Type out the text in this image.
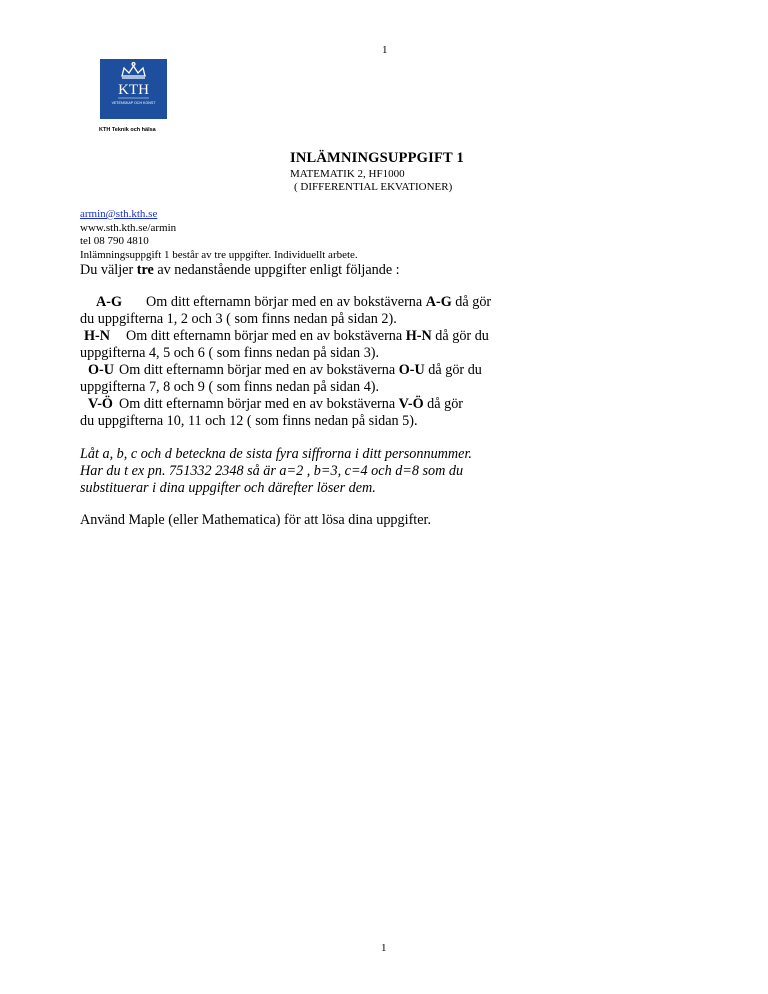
1
KTH
VETENSKAP OCH KONST
KTH Teknik och hälsa
INLÄMNINGSUPPGIFT 1
MATEMATIK 2, HF1000
( DIFFERENTIAL EKVATIONER)
armin@sth.kth.se
www.sth.kth.se/armin
tel 08 790 4810
Inlämningsuppgift 1 består av tre uppgifter. Individuellt arbete.
Du väljer tre av nedanstående uppgifter enligt följande :
A-G Om ditt efternamn börjar med en av bokstäverna A-G då gör
du uppgifterna 1, 2 och 3 ( som finns nedan på sidan 2).
H-N Om ditt efternamn börjar med en av bokstäverna H-N då gör du
uppgifterna 4, 5 och 6 ( som finns nedan på sidan 3).
O-U Om ditt efternamn börjar med en av bokstäverna O-U då gör du
uppgifterna 7, 8 och 9 ( som finns nedan på sidan 4).
V-Ö Om ditt efternamn börjar med en av bokstäverna V-Ö då gör
du uppgifterna 10, 11 och 12 ( som finns nedan på sidan 5).
Låt a, b, c och d beteckna de sista fyra siffrorna i ditt personnummer.
Har du t ex pn. 751332 2348 så är a=2 , b=3, c=4 och d=8 som du
substituerar i dina uppgifter och därefter löser dem.
Använd Maple (eller Mathematica) för att lösa dina uppgifter.
1
